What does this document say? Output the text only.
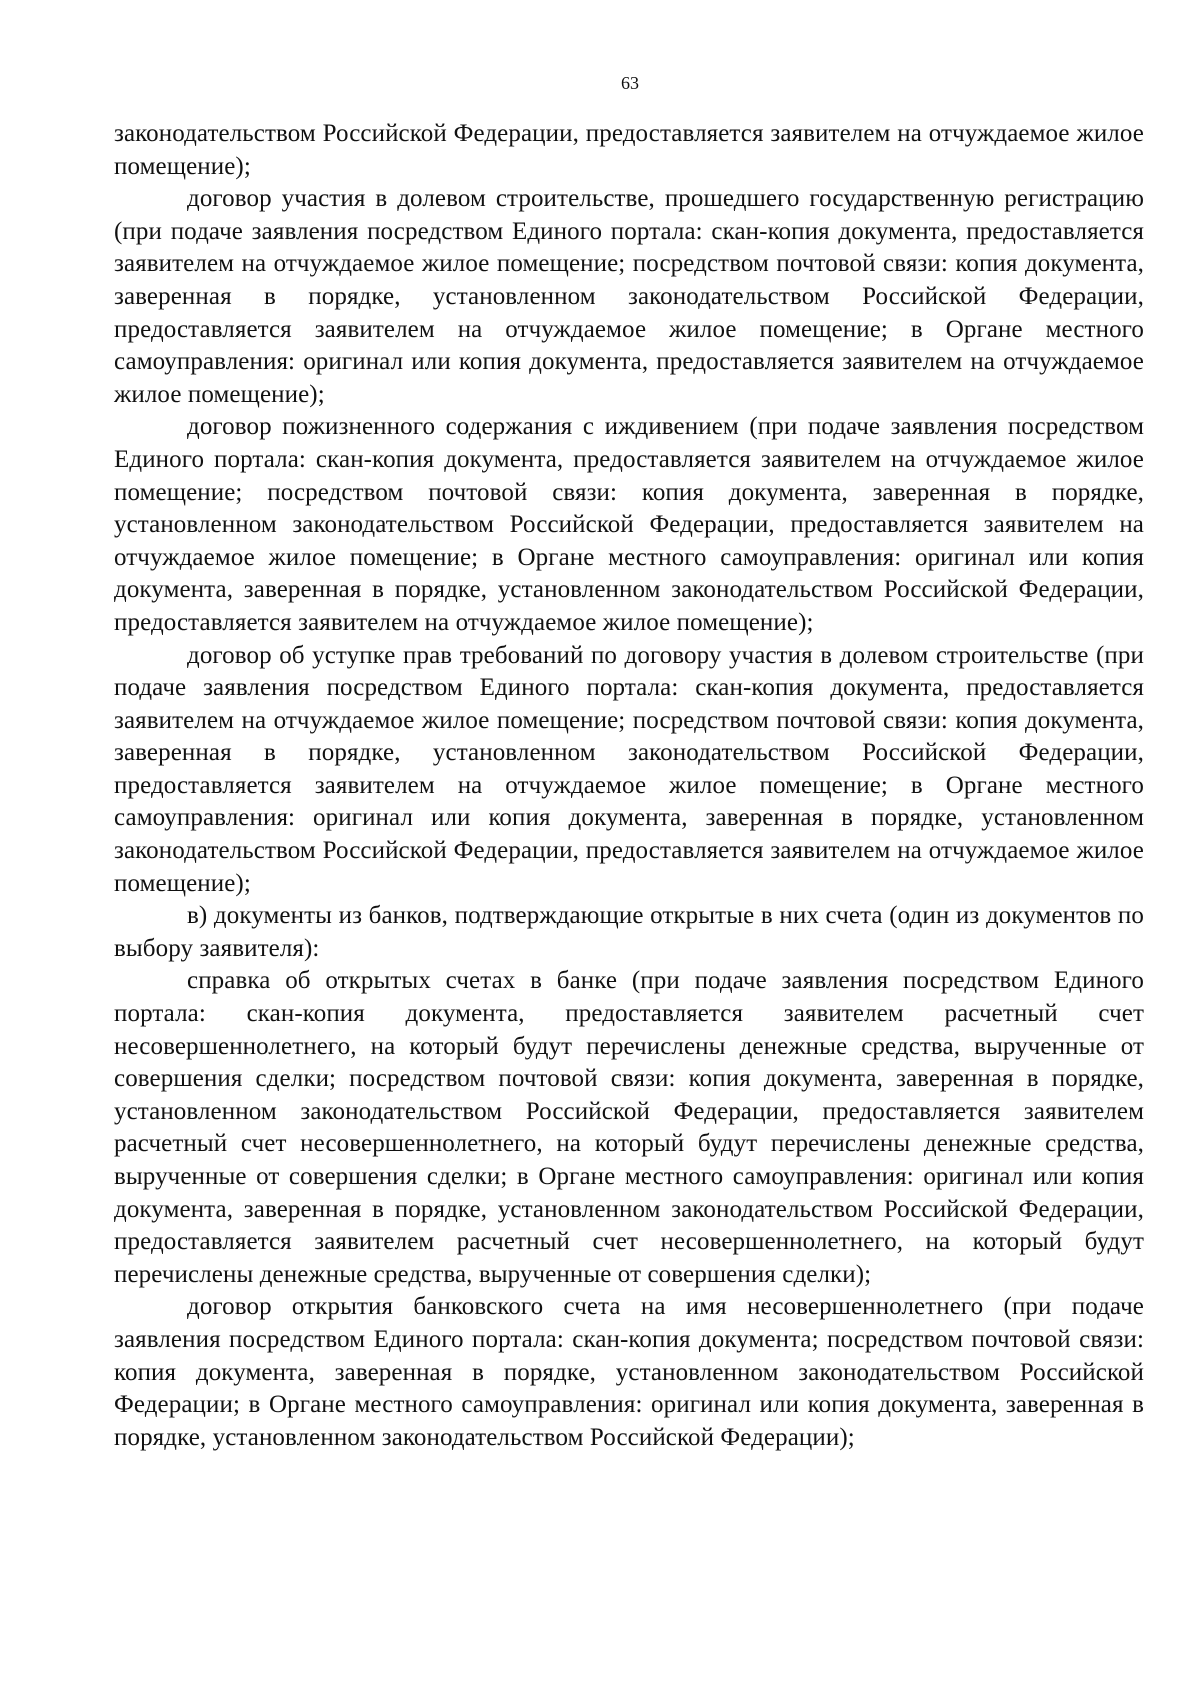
63

законодательством Российской Федерации, предоставляется заявителем на отчуждаемое жилое помещение);

договор участия в долевом строительстве, прошедшего государственную регистрацию (при подаче заявления посредством Единого портала: скан-копия документа, предоставляется заявителем на отчуждаемое жилое помещение; посредством почтовой связи: копия документа, заверенная в порядке, установленном законодательством Российской Федерации, предоставляется заявителем на отчуждаемое жилое помещение; в Органе местного самоуправления: оригинал или копия документа, предоставляется заявителем на отчуждаемое жилое помещение);

договор пожизненного содержания с иждивением (при подаче заявления посредством Единого портала: скан-копия документа, предоставляется заявителем на отчуждаемое жилое помещение; посредством почтовой связи: копия документа, заверенная в порядке, установленном законодательством Российской Федерации, предоставляется заявителем на отчуждаемое жилое помещение; в Органе местного самоуправления: оригинал или копия документа, заверенная в порядке, установленном законодательством Российской Федерации, предоставляется заявителем на отчуждаемое жилое помещение);

договор об уступке прав требований по договору участия в долевом строительстве (при подаче заявления посредством Единого портала: скан-копия документа, предоставляется заявителем на отчуждаемое жилое помещение; посредством почтовой связи: копия документа, заверенная в порядке, установленном законодательством Российской Федерации, предоставляется заявителем на отчуждаемое жилое помещение; в Органе местного самоуправления: оригинал или копия документа, заверенная в порядке, установленном законодательством Российской Федерации, предоставляется заявителем на отчуждаемое жилое помещение);

в) документы из банков, подтверждающие открытые в них счета (один из документов по выбору заявителя):

справка об открытых счетах в банке (при подаче заявления посредством Единого портала: скан-копия документа, предоставляется заявителем расчетный счет несовершеннолетнего, на который будут перечислены денежные средства, вырученные от совершения сделки; посредством почтовой связи: копия документа, заверенная в порядке, установленном законодательством Российской Федерации, предоставляется заявителем расчетный счет несовершеннолетнего, на который будут перечислены денежные средства, вырученные от совершения сделки; в Органе местного самоуправления: оригинал или копия документа, заверенная в порядке, установленном законодательством Российской Федерации, предоставляется заявителем расчетный счет несовершеннолетнего, на который будут перечислены денежные средства, вырученные от совершения сделки);

договор открытия банковского счета на имя несовершеннолетнего (при подаче заявления посредством Единого портала: скан-копия документа; посредством почтовой связи: копия документа, заверенная в порядке, установленном законодательством Российской Федерации; в Органе местного самоуправления: оригинал или копия документа, заверенная в порядке, установленном законодательством Российской Федерации);
